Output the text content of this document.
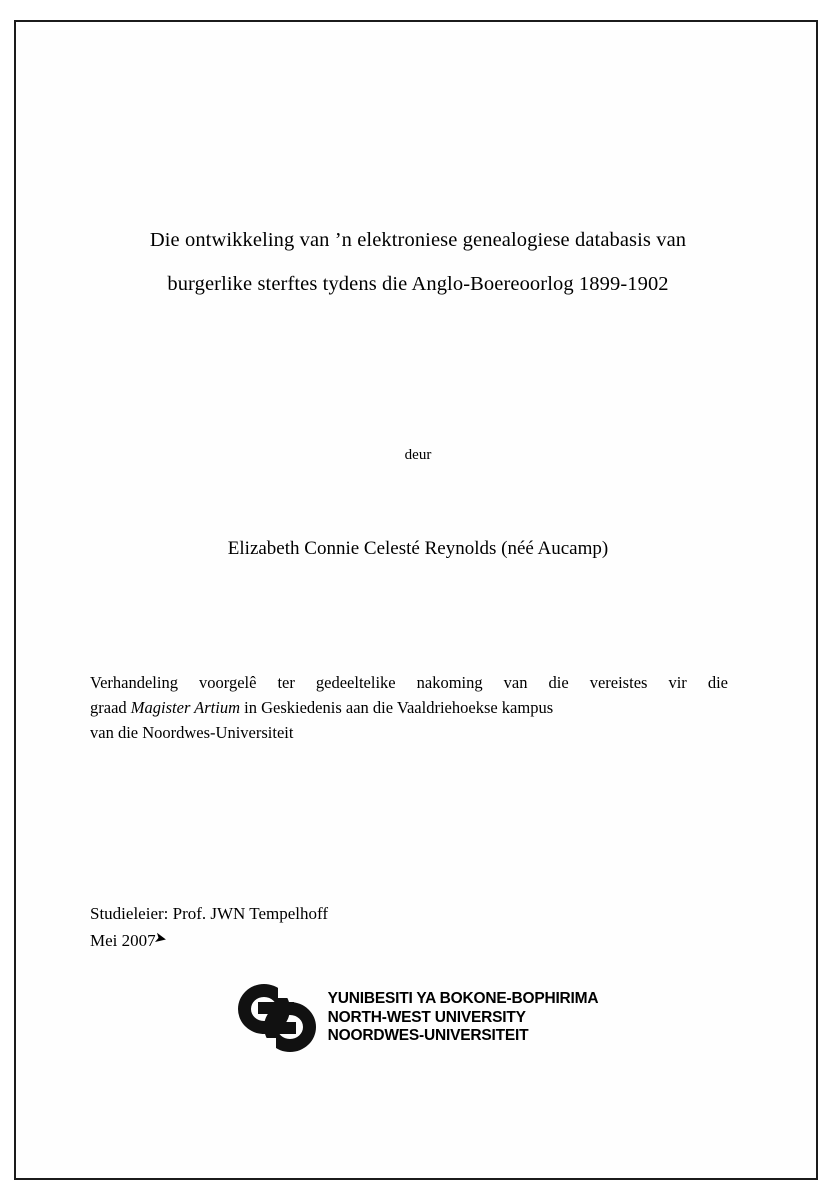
Die ontwikkeling van ’n elektroniese genealogiese databasis van
burgerlike sterftes tydens die Anglo-Boereoorlog 1899-1902
deur
Elizabeth Connie Celesté Reynolds (néé Aucamp)
Verhandeling voorgelê ter gedeeltelike nakoming van die vereistes vir die
graad Magister Artium in Geskiedenis aan die Vaaldriehoekse kampus
van die Noordwes-Universiteit
Studieleier: Prof. JWN Tempelhoff
Mei 2007
➤
YUNIBESITI YA BOKONE-BOPHIRIMA
NORTH-WEST UNIVERSITY
NOORDWES-UNIVERSITEIT
